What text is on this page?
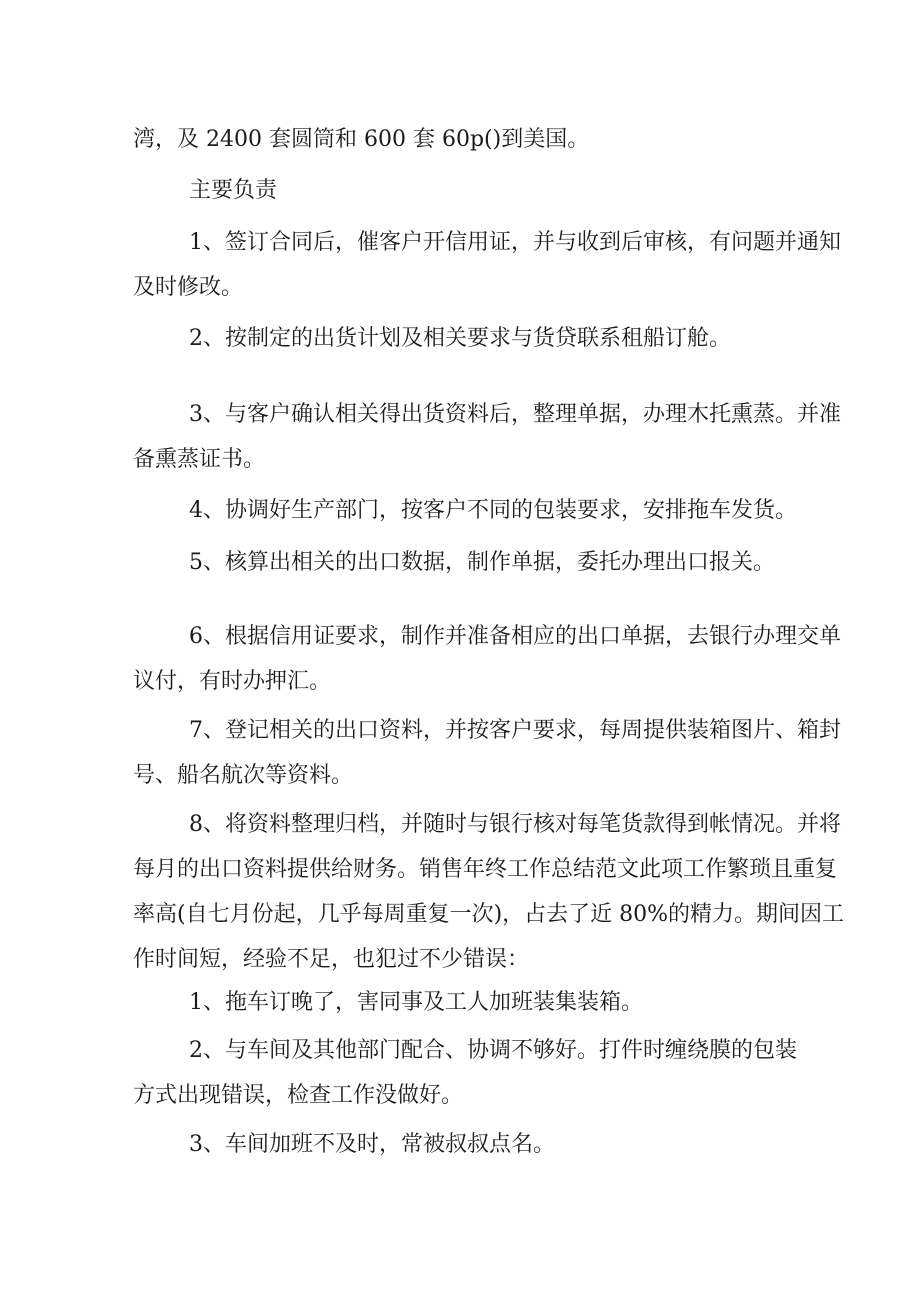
湾，及 2400 套圆筒和 600 套 60p()到美国。
主要负责
1、签订合同后，催客户开信用证，并与收到后审核，有问题并通知
及时修改。
2、按制定的出货计划及相关要求与货贷联系租船订舱。
3、与客户确认相关得出货资料后，整理单据，办理木托熏蒸。并准
备熏蒸证书。
4、协调好生产部门，按客户不同的包装要求，安排拖车发货。
5、核算出相关的出口数据，制作单据，委托办理出口报关。
6、根据信用证要求，制作并准备相应的出口单据，去银行办理交单
议付，有时办押汇。
7、登记相关的出口资料，并按客户要求，每周提供装箱图片、箱封
号、船名航次等资料。
8、将资料整理归档，并随时与银行核对每笔货款得到帐情况。并将
每月的出口资料提供给财务。销售年终工作总结范文此项工作繁琐且重复
率高(自七月份起，几乎每周重复一次)，占去了近 80%的精力。期间因工
作时间短，经验不足，也犯过不少错误：
1、拖车订晚了，害同事及工人加班装集装箱。
2、与车间及其他部门配合、协调不够好。打件时缠绕膜的包装
方式出现错误，检查工作没做好。
3、车间加班不及时，常被叔叔点名。
